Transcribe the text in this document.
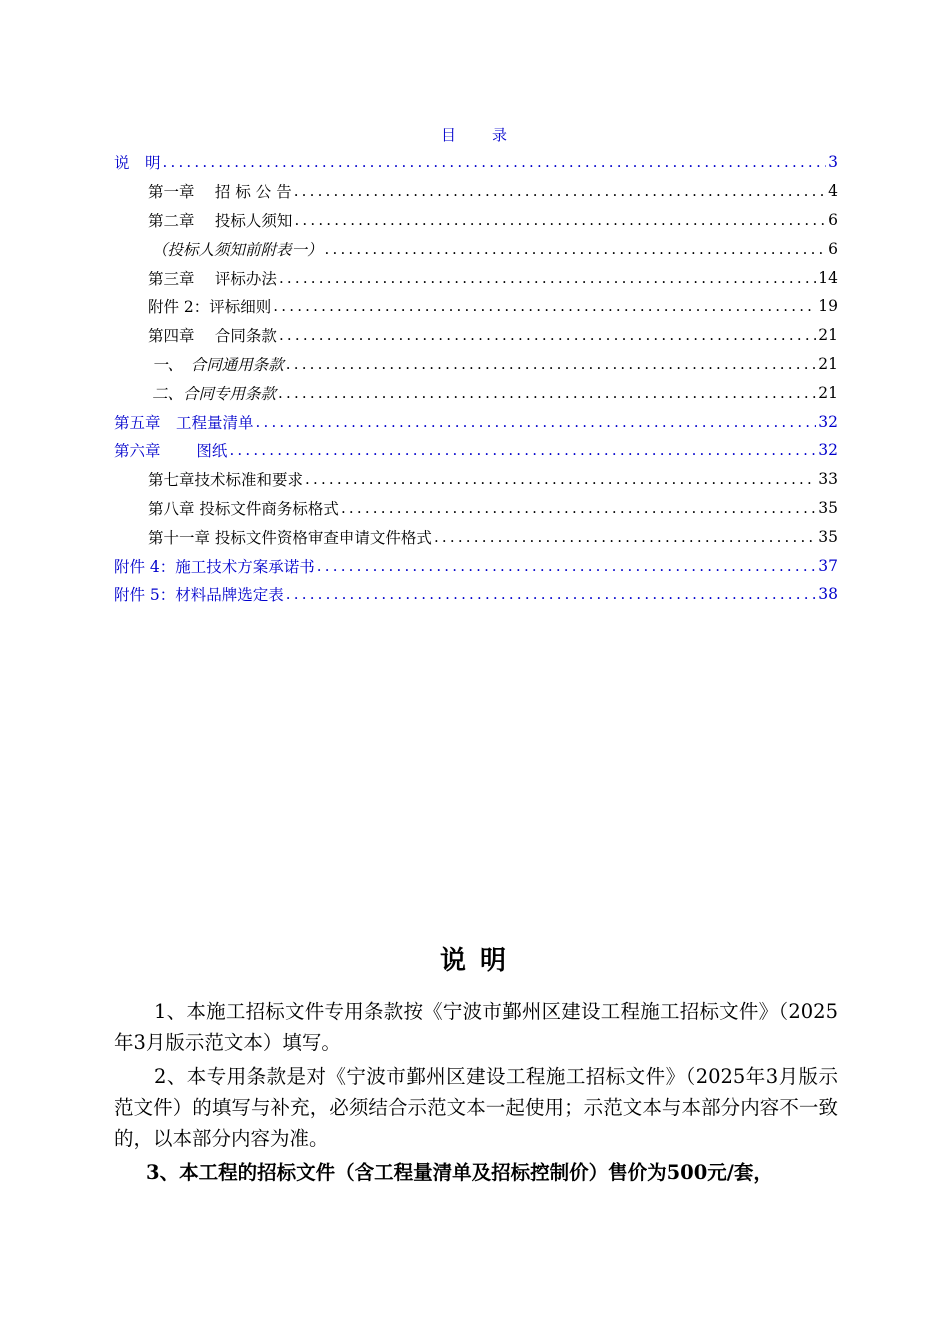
目　　录
说　明 .....	3
第一章　 招 标 公 告 .....	4
第二章　 投标人须知 .....	6
（投标人须知前附表一） .....	6
第三章　 评标办法 .....	14
附件 2：评标细则 .....	19
第四章　 合同条款 .....	21
一、　合同通用条款 .....	21
二、合同专用条款 .....	21
第五章　工程量清单 .....	32
第六章　　 图纸 .....	32
第七章技术标准和要求 .....	33
第八章 投标文件商务标格式 .....	35
第十一章 投标文件资格审查申请文件格式 .....	35
附件 4：施工技术方案承诺书 .....	37
附件 5：材料品牌选定表 .....	38
说明

1、本施工招标文件专用条款按《宁波市鄞州区建设工程施工招标文件》（2025年3月版示范文本）填写。

2、本专用条款是对《宁波市鄞州区建设工程施工招标文件》（2025年3月版示范文件）的填写与补充，必须结合示范文本一起使用；示范文本与本部分内容不一致的，以本部分内容为准。

3、本工程的招标文件（含工程量清单及招标控制价）售价为500元/套，
